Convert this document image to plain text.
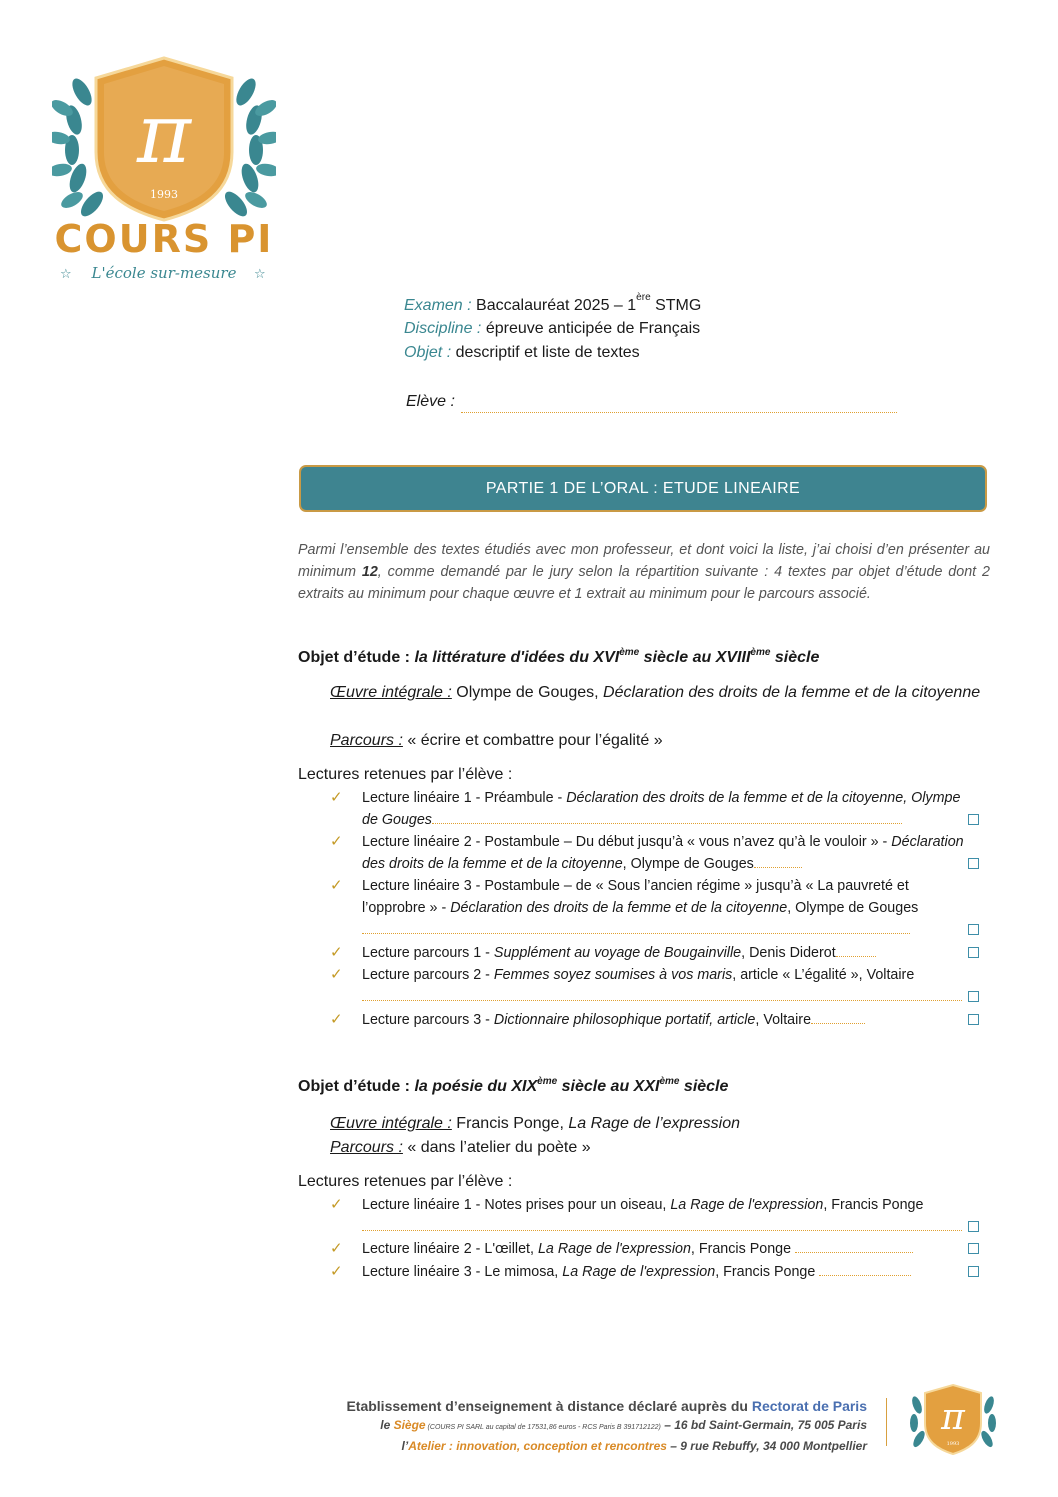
π
1993
COURS PI
☆ L'école sur-mesure ☆
Examen : Baccalauréat 2025 – 1ère STMG
Discipline : épreuve anticipée de Français
Objet : descriptif et liste de textes
Elève :
PARTIE 1 DE L’ORAL : ETUDE LINEAIRE
Parmi l’ensemble des textes étudiés avec mon professeur, et dont voici la liste, j’ai choisi d’en présenter au minimum 12, comme demandé par le jury selon la répartition suivante : 4 textes par objet d’étude dont 2 extraits au minimum pour chaque œuvre et 1 extrait au minimum pour le parcours associé.
Objet d’étude : la littérature d'idées du XVIème siècle au XVIIIème siècle
Œuvre intégrale : Olympe de Gouges, Déclaration des droits de la femme et de la citoyenne
Parcours : « écrire et combattre pour l’égalité »
Lectures retenues par l’élève :
✓ Lecture linéaire 1 - Préambule - Déclaration des droits de la femme et de la citoyenne, Olympe de Gouges
✓ Lecture linéaire 2 - Postambule – Du début jusqu’à « vous n’avez qu’à le vouloir » - Déclaration des droits de la femme et de la citoyenne, Olympe de Gouges
✓ Lecture linéaire 3 - Postambule – de « Sous l’ancien régime » jusqu’à « La pauvreté et l’opprobre » - Déclaration des droits de la femme et de la citoyenne, Olympe de Gouges
✓ Lecture parcours 1 - Supplément au voyage de Bougainville, Denis Diderot
✓ Lecture parcours 2 - Femmes soyez soumises à vos maris, article « L’égalité », Voltaire
✓ Lecture parcours 3 - Dictionnaire philosophique portatif, article, Voltaire
Objet d’étude : la poésie du XIXème siècle au XXIème siècle
Œuvre intégrale : Francis Ponge, La Rage de l’expression
Parcours : « dans l’atelier du poète »
Lectures retenues par l’élève :
✓ Lecture linéaire 1 - Notes prises pour un oiseau, La Rage de l'expression, Francis Ponge

✓ Lecture linéaire 2 - L'œillet, La Rage de l'expression, Francis Ponge
✓ Lecture linéaire 3 - Le mimosa, La Rage de l'expression, Francis Ponge
Etablissement d’enseignement à distance déclaré auprès du Rectorat de Paris
le Siège (COURS PI SARL au capital de 17531,86 euros - RCS Paris B 391712122) – 16 bd Saint-Germain, 75 005 Paris
l’Atelier : innovation, conception et rencontres – 9 rue Rebuffy, 34 000 Montpellier
π
1993
